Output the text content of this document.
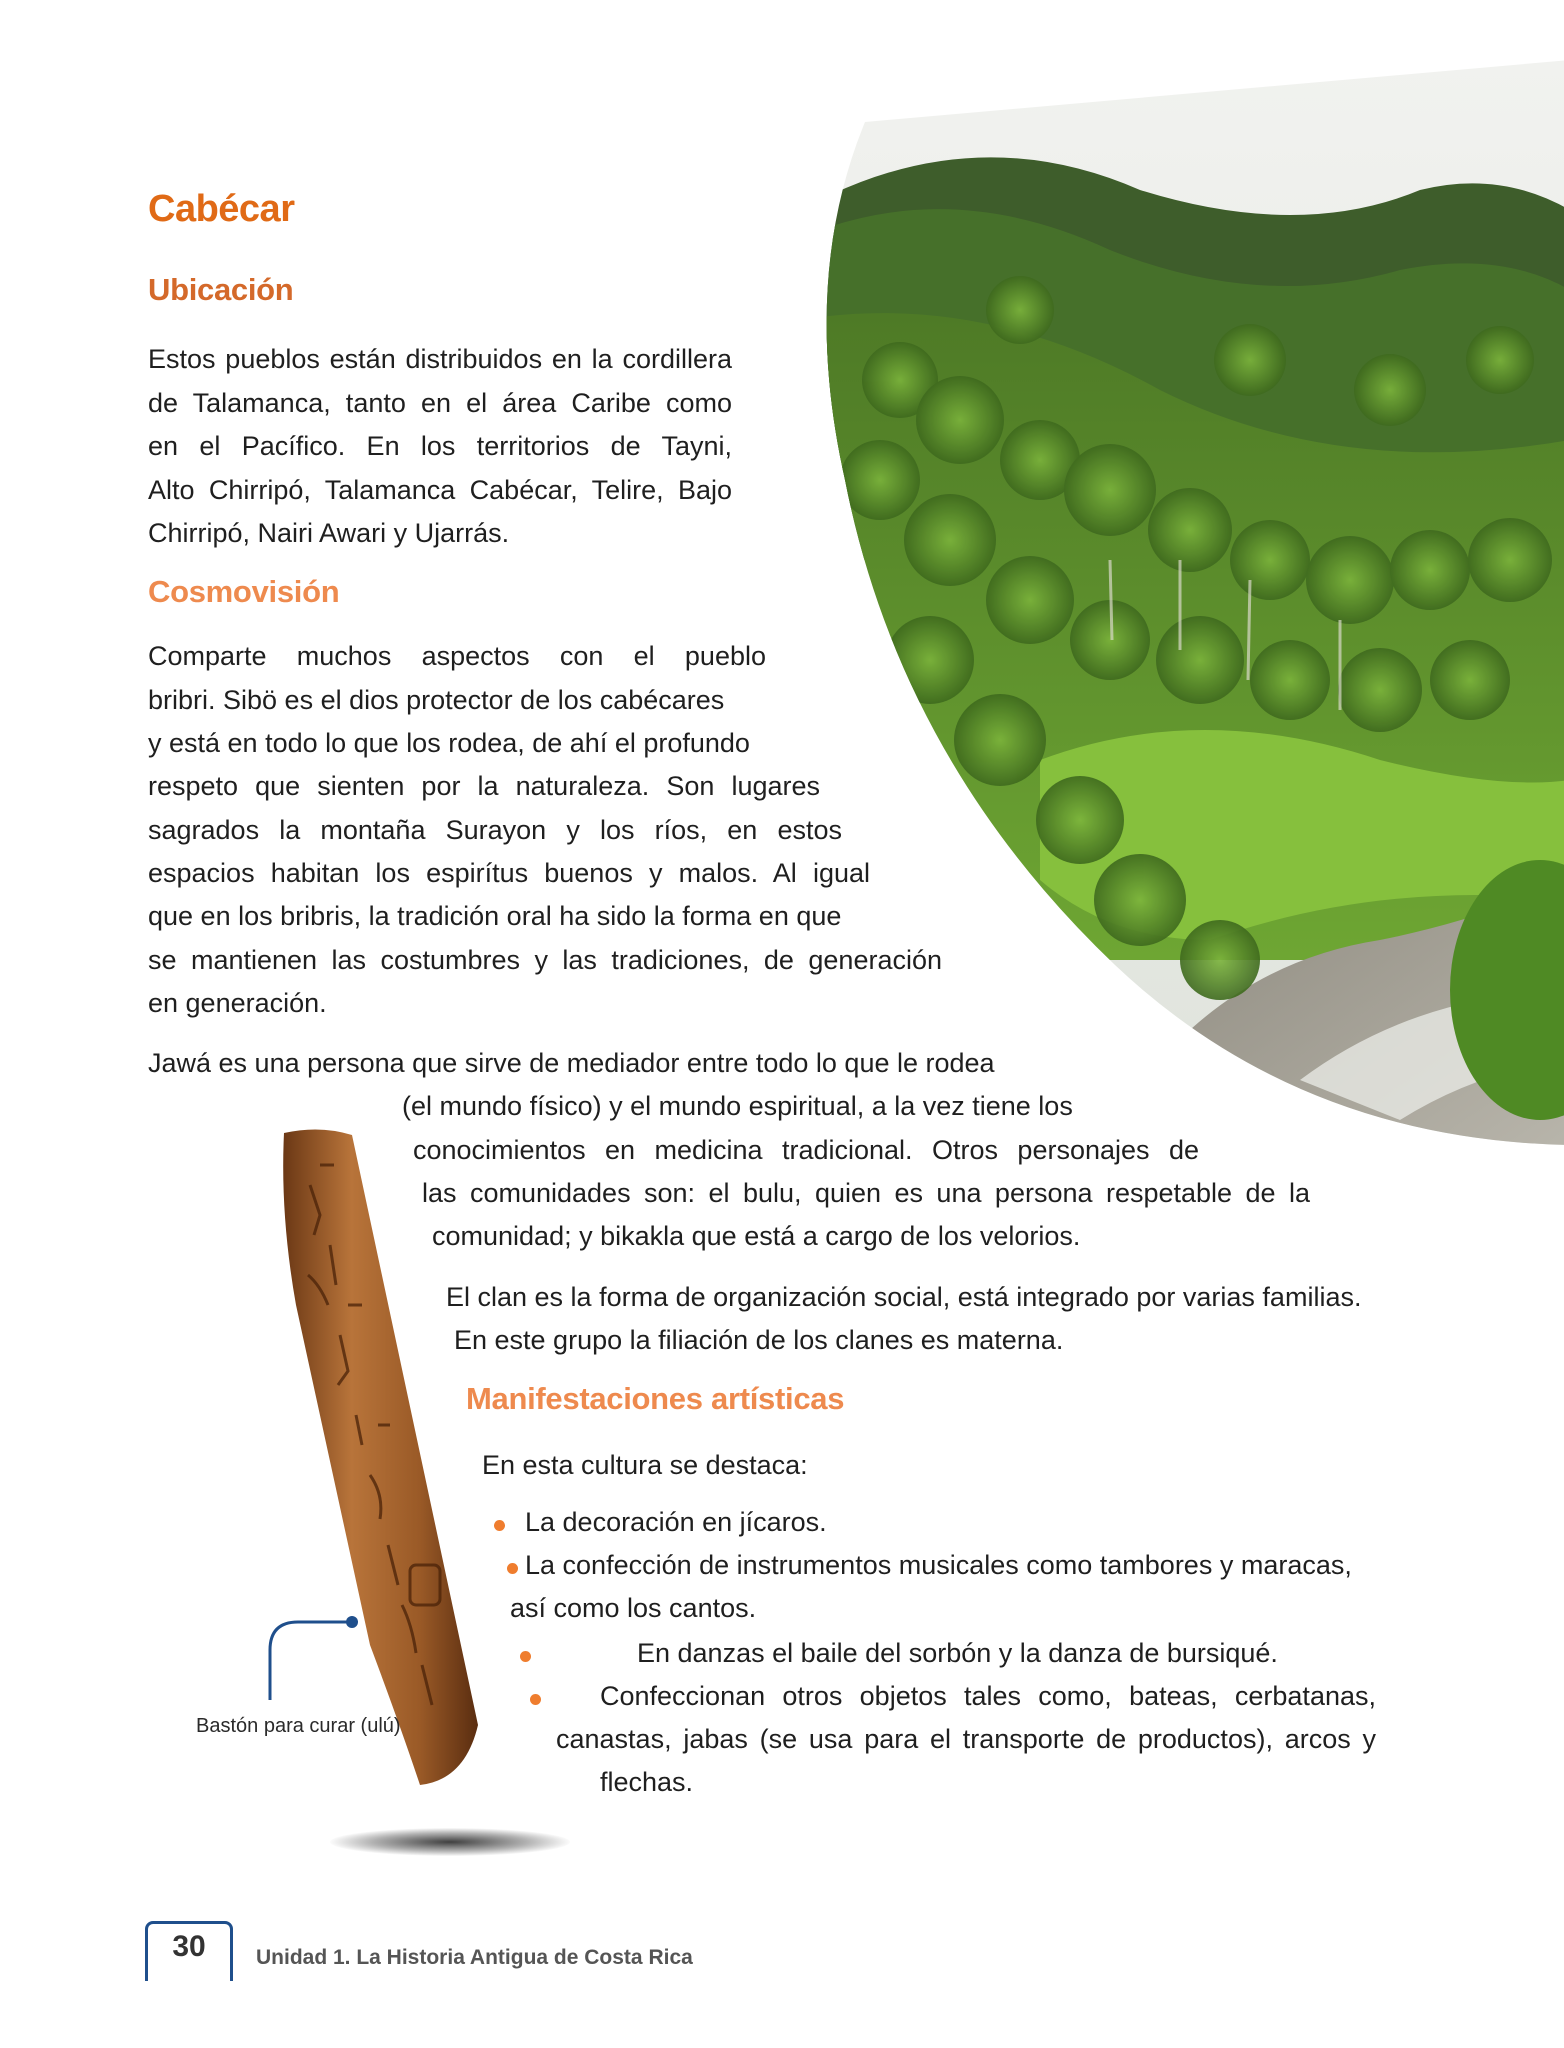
Cabécar
Ubicación
Estos pueblos están distribuidos en la cordillera
de Talamanca, tanto en el área Caribe como
en el Pacífico. En los territorios de Tayni,
Alto Chirripó, Talamanca Cabécar, Telire, Bajo
Chirripó, Nairi Awari y Ujarrás.
Cosmovisión
Comparte muchos aspectos con el pueblo
bribri. Sibö es el dios protector de los cabécares
y está en todo lo que los rodea, de ahí el profundo
respeto que sienten por la naturaleza. Son lugares
sagrados la montaña Surayon y los ríos, en estos
espacios habitan los espirítus buenos y malos. Al igual
que en los bribris, la tradición oral ha sido la forma en que
se mantienen las costumbres y las tradiciones, de generación
en generación.
Jawá es una persona que sirve de mediador entre todo lo que le rodea
(el mundo físico) y el mundo espiritual, a la vez tiene los
conocimientos en medicina tradicional. Otros personajes de
las comunidades son: el bulu, quien es una persona respetable de la
comunidad; y bikakla que está a cargo de los velorios.
El clan es la forma de organización social, está integrado por varias familias.
En este grupo la filiación de los clanes es materna.
Manifestaciones artísticas
En esta cultura se destaca:
La decoración en jícaros.
La confección de instrumentos musicales como tambores y maracas,
así como los cantos.
En danzas el baile del sorbón y la danza de bursiqué.
Confeccionan otros objetos tales como, bateas, cerbatanas,
canastas, jabas (se usa para el transporte de productos), arcos y
flechas.
Bastón para curar (ulú)
30	Unidad 1. La Historia Antigua de Costa Rica
